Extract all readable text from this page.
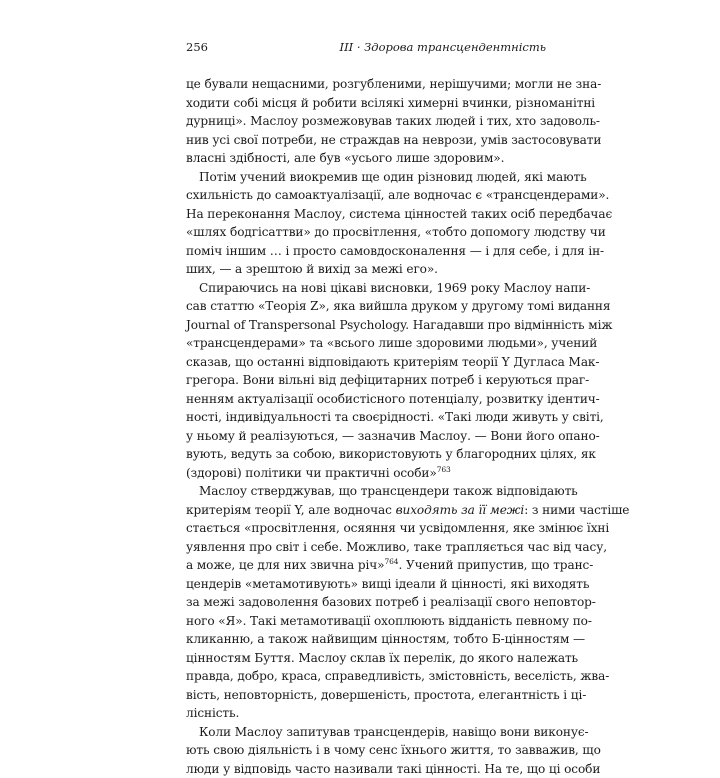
256	III · Здорова трансцендентність
це бували нещасними, розгубленими, нерішучими; могли не зна-
ходити собі місця й робити всілякі химерні вчинки, різноманітні
дурниці». Маслоу розмежовував таких людей і тих, хто задоволь-
нив усі свої потреби, не страждав на неврози, умів застосовувати
власні здібності, але був «усього лише здоровим».
Потім учений виокремив ще один різновид людей, які мають
схильність до самоактуалізації, але водночас є «трансцендерами».
На переконання Маслоу, система цінностей таких осіб передбачає
«шлях бодгісаттви» до просвітлення, «тобто допомогу людству чи
поміч іншим … і просто самовдосконалення — і для себе, і для ін-
ших, — а зрештою й вихід за межі его».
Спираючись на нові цікаві висновки, 1969 року Маслоу напи-
сав статтю «Теорія Z», яка вийшла друком у другому томі видання
Journal of Transpersonal Psychology. Нагадавши про відмінність між
«трансцендерами» та «всього лише здоровими людьми», учений
сказав, що останні відповідають критеріям теорії Y Дугласа Мак-
грегора. Вони вільні від дефіцитарних потреб і керуються праг-
ненням актуалізації особистісного потенціалу, розвитку ідентич-
ності, індивідуальності та своєрідності. «Такі люди живуть у світі,
у ньому й реалізуються, — зазначив Маслоу. — Вони його опано-
вують, ведуть за собою, використовують у благородних цілях, як
(здорові) політики чи практичні особи»$^{763}$
Маслоу стверджував, що трансцендери також відповідають
критеріям теорії Y, але водночас виходять за її межі: з ними частіше
стається «просвітлення, осяяння чи усвідомлення, яке змінює їхні
уявлення про світ і себе. Можливо, таке трапляється час від часу,
а може, це для них звична річ»$^{764}$. Учений припустив, що транс-
цендерів «метамотивують» вищі ідеали й цінності, які виходять
за межі задоволення базових потреб і реалізації свого неповтор-
ного «Я». Такі метамотивації охоплюють відданість певному по-
кликанню, а також найвищим цінностям, тобто Б-цінностям —
цінностям Буття. Маслоу склав їх перелік, до якого належать
правда, добро, краса, справедливість, змістовність, веселість, жва-
вість, неповторність, довершеність, простота, елегантність і ці-
лісність.
Коли Маслоу запитував трансцендерів, навіщо вони виконує-
ють свою діяльність і в чому сенс їхнього життя, то завважив, що
люди у відповідь часто називали такі цінності. На те, що ці особи
